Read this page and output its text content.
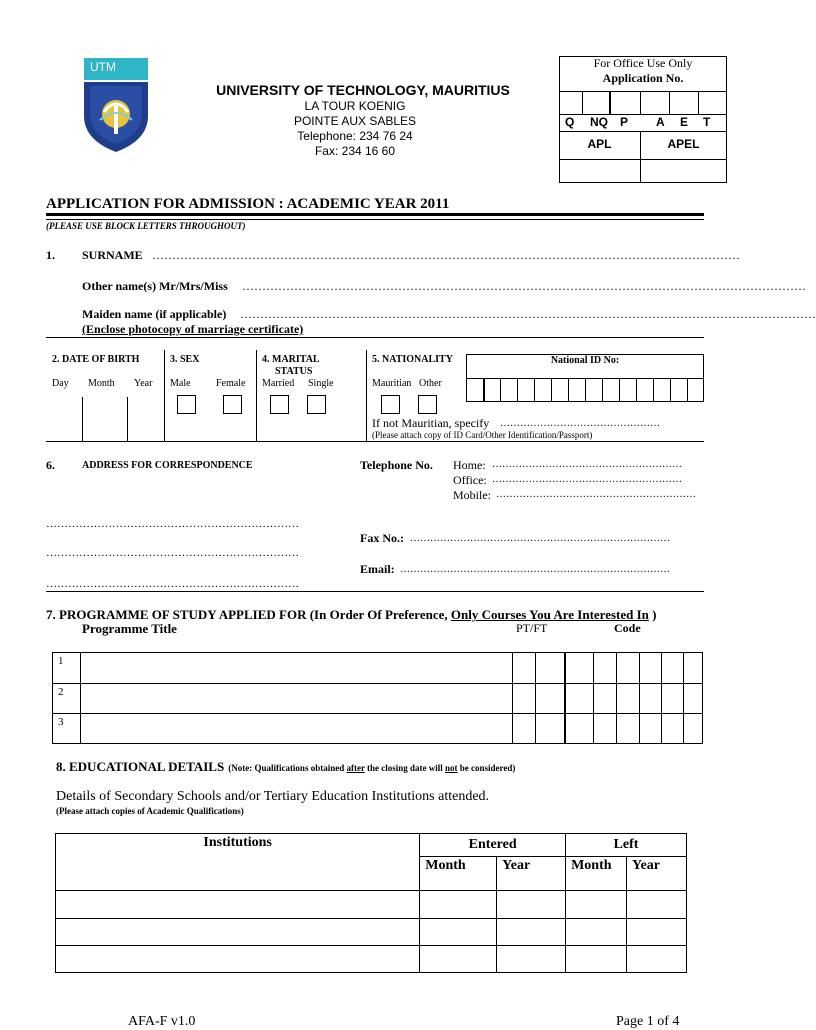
UTM
UNIVERSITY OF TECHNOLOGY, MAURITIUS
LA TOUR KOENIG
POINTE AUX SABLES
Telephone: 234 76 24
Fax: 234 16 60
For Office Use Only
Application No.
Q NQ P A E T
APL	APEL
APPLICATION FOR ADMISSION : ACADEMIC YEAR 2011
(PLEASE USE BLOCK LETTERS THROUGHOUT)
1. SURNAME …………………………………………………………………………………………………………………………………
Other name(s) Mr/Mrs/Miss ……………………………………………………………………………………………………………………………
Maiden name (if applicable) ………………………………………………………………………………………………………………………………
(Enclose photocopy of marriage certificate)
2. DATE OF BIRTH
Day Month Year
3. SEX
Male	Female
4. MARITAL
STATUS
Married Single
5. NATIONALITY
Mauritian Other
National ID No:
If not Mauritian, specify …………………………………………
(Please attach copy of ID Card/Other Identification/Passport)
6.	ADDRESS FOR CORRESPONDENCE	Telephone No. Home: …………………………………………………
Office: …………………………………………………
Mobile: ……………………………………………………
……………………………………………………………
……………………………………………………………
……………………………………………………………
Fax No.: ……………………………………………………………………
Email: ………………………………………………………………………
7. PROGRAMME OF STUDY APPLIED FOR (In Order Of Preference, Only Courses You Are Interested In )
Programme Title	PT/FT	Code
1
2
3
8. EDUCATIONAL DETAILS (Note: Qualifications obtained after the closing date will not be considered)
Details of Secondary Schools and/or Tertiary Education Institutions attended.
(Please attach copies of Academic Qualifications)
Institutions	Entered		Left	
	Month	Year	Month	Year

AFA-F v1.0	Page 1 of 4
